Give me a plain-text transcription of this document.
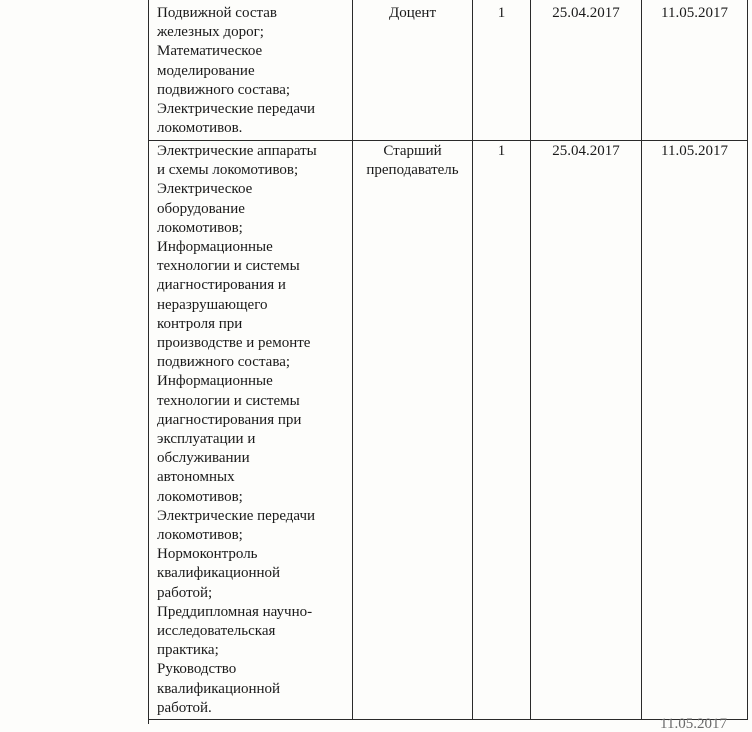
Подвижной состав
железных дорог;
Математическое
моделирование
подвижного состава;
Электрические передачи
локомотивов.
Доцент	1	25.04.2017	11.05.2017
Электрические аппараты
и схемы локомотивов;
Электрическое
оборудование
локомотивов;
Информационные
технологии и системы
диагностирования и
неразрушающего
контроля при
производстве и ремонте
подвижного состава;
Информационные
технологии и системы
диагностирования при
эксплуатации и
обслуживании
автономных
локомотивов;
Электрические передачи
локомотивов;
Нормоконтроль
квалификационной
работой;
Преддипломная научно-
исследовательская
практика;
Руководство
квалификационной
работой.
Старший
преподаватель
1	25.04.2017	11.05.2017
11.05.2017
